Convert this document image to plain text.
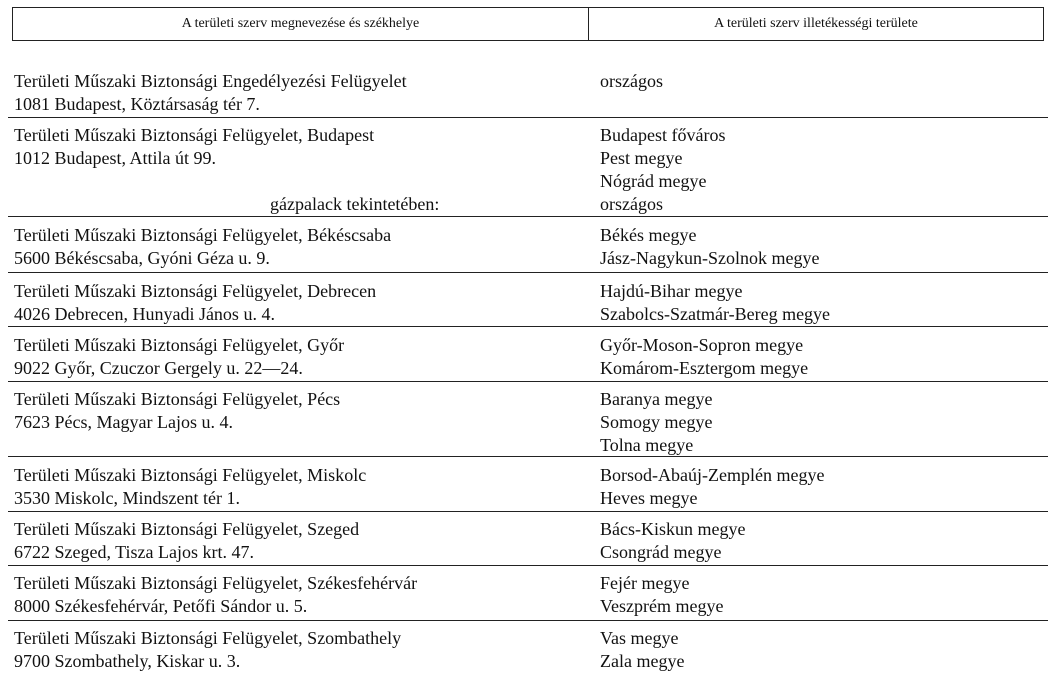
A területi szerv megnevezése és székhelye	A területi szerv illetékességi területe
Területi Műszaki Biztonsági Engedélyezési Felügyelet
1081 Budapest, Köztársaság tér 7.
országos
Területi Műszaki Biztonsági Felügyelet, Budapest
1012 Budapest, Attila út 99.
gázpalack tekintetében:
Budapest főváros
Pest megye
Nógrád megye
országos
Területi Műszaki Biztonsági Felügyelet, Békéscsaba
5600 Békéscsaba, Gyóni Géza u. 9.
Békés megye
Jász-Nagykun-Szolnok megye
Területi Műszaki Biztonsági Felügyelet, Debrecen
4026 Debrecen, Hunyadi János u. 4.
Hajdú-Bihar megye
Szabolcs-Szatmár-Bereg megye
Területi Műszaki Biztonsági Felügyelet, Győr
9022 Győr, Czuczor Gergely u. 22—24.
Győr-Moson-Sopron megye
Komárom-Esztergom megye
Területi Műszaki Biztonsági Felügyelet, Pécs
7623 Pécs, Magyar Lajos u. 4.
Baranya megye
Somogy megye
Tolna megye
Területi Műszaki Biztonsági Felügyelet, Miskolc
3530 Miskolc, Mindszent tér 1.
Borsod-Abaúj-Zemplén megye
Heves megye
Területi Műszaki Biztonsági Felügyelet, Szeged
6722 Szeged, Tisza Lajos krt. 47.
Bács-Kiskun megye
Csongrád megye
Területi Műszaki Biztonsági Felügyelet, Székesfehérvár
8000 Székesfehérvár, Petőfi Sándor u. 5.
Fejér megye
Veszprém megye
Területi Műszaki Biztonsági Felügyelet, Szombathely
9700 Szombathely, Kiskar u. 3.
Vas megye
Zala megye
